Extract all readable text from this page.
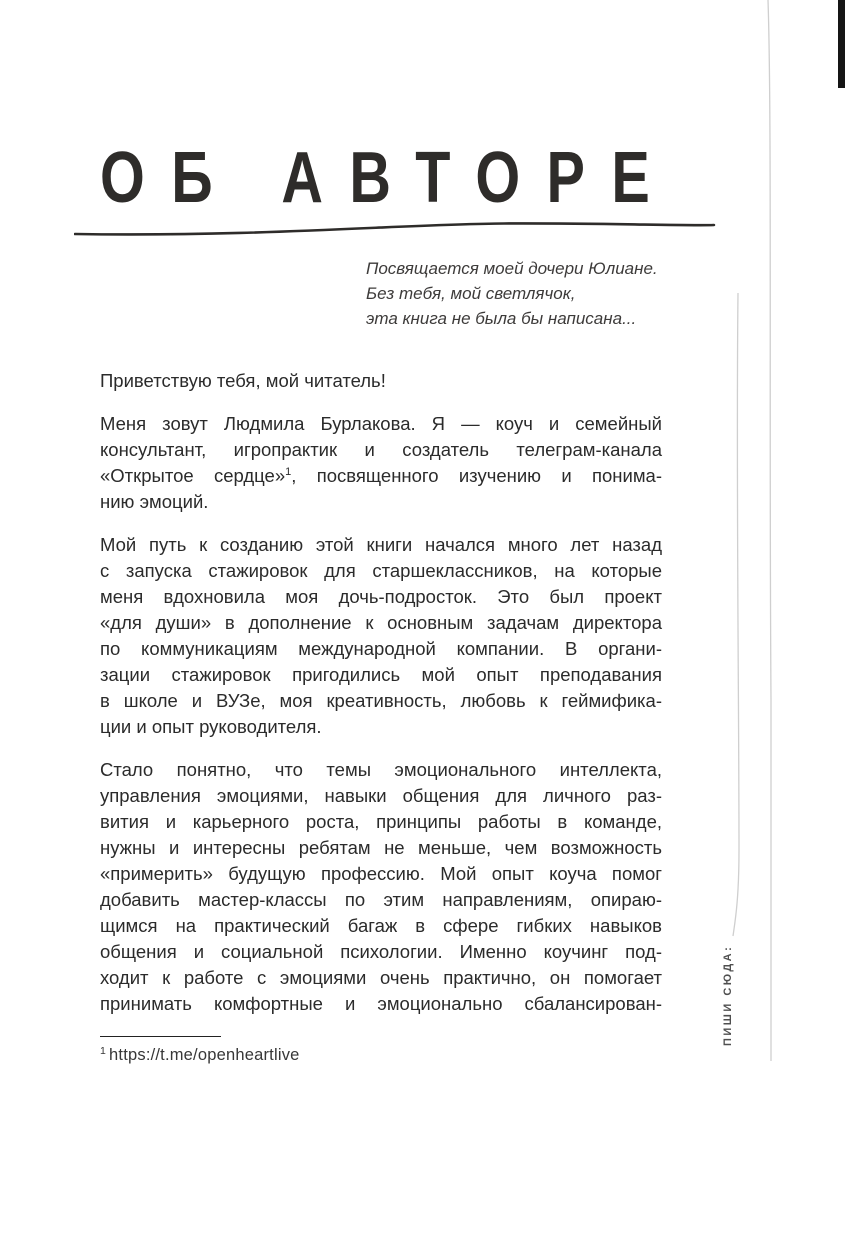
ОБ АВТОРЕ
Посвящается моей дочери Юлиане.
Без тебя, мой светлячок,
эта книга не была бы написана...
Приветствую тебя, мой читатель!
Меня зовут Людмила Бурлакова. Я — коуч и семейный
консультант, игропрактик и создатель телеграм-канала
«Открытое сердце»$^1$, посвященного изучению и понима-
нию эмоций.
Мой путь к созданию этой книги начался много лет назад
с запуска стажировок для старшеклассников, на которые
меня вдохновила моя дочь-подросток. Это был проект
«для души» в дополнение к основным задачам директора
по коммуникациям международной компании. В органи-
зации стажировок пригодились мой опыт преподавания
в школе и ВУЗе, моя креативность, любовь к геймифика-
ции и опыт руководителя.
Стало понятно, что темы эмоционального интеллекта,
управления эмоциями, навыки общения для личного раз-
вития и карьерного роста, принципы работы в команде,
нужны и интересны ребятам не меньше, чем возможность
«примерить» будущую профессию. Мой опыт коуча помог
добавить мастер-классы по этим направлениям, опираю-
щимся на практический багаж в сфере гибких навыков
общения и социальной психологии. Именно коучинг под-
ходит к работе с эмоциями очень практично, он помогает
принимать комфортные и эмоционально сбалансирован-

$^1$ https://t.me/openheartlive

ПИШИ СЮДА:
